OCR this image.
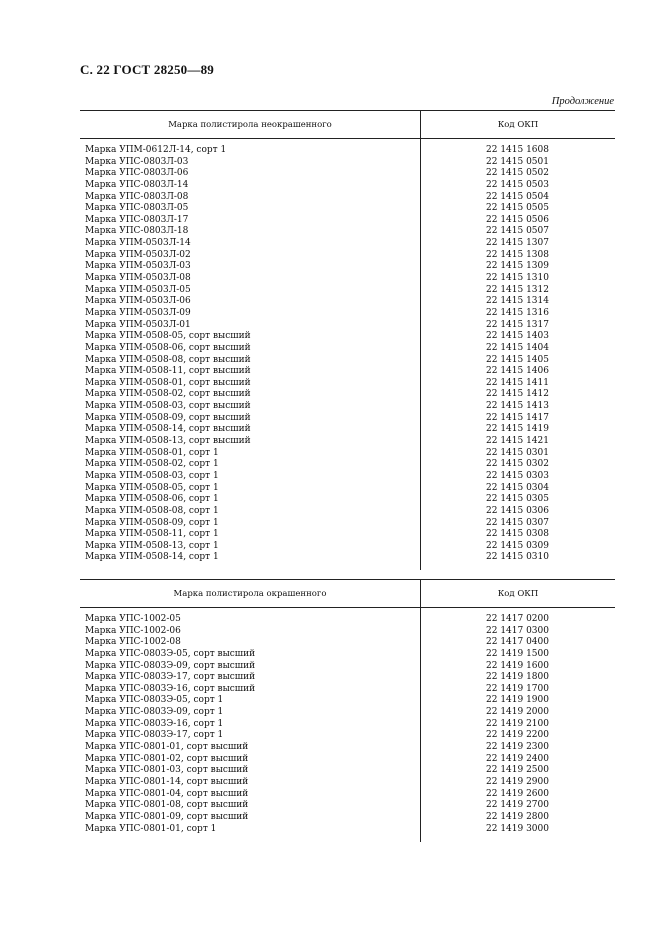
С. 22 ГОСТ 28250—89
Продолжение
Марка полистирола неокрашенного	Код ОКП
Марка УПМ-0612Л-14, сорт 1	22 1415 1608
Марка УПС-0803Л-03	22 1415 0501
Марка УПС-0803Л-06	22 1415 0502
Марка УПС-0803Л-14	22 1415 0503
Марка УПС-0803Л-08	22 1415 0504
Марка УПС-0803Л-05	22 1415 0505
Марка УПС-0803Л-17	22 1415 0506
Марка УПС-0803Л-18	22 1415 0507
Марка УПМ-0503Л-14	22 1415 1307
Марка УПМ-0503Л-02	22 1415 1308
Марка УПМ-0503Л-03	22 1415 1309
Марка УПМ-0503Л-08	22 1415 1310
Марка УПМ-0503Л-05	22 1415 1312
Марка УПМ-0503Л-06	22 1415 1314
Марка УПМ-0503Л-09	22 1415 1316
Марка УПМ-0503Л-01	22 1415 1317
Марка УПМ-0508-05, сорт высший	22 1415 1403
Марка УПМ-0508-06, сорт высший	22 1415 1404
Марка УПМ-0508-08, сорт высший	22 1415 1405
Марка УПМ-0508-11, сорт высший	22 1415 1406
Марка УПМ-0508-01, сорт высший	22 1415 1411
Марка УПМ-0508-02, сорт высший	22 1415 1412
Марка УПМ-0508-03, сорт высший	22 1415 1413
Марка УПМ-0508-09, сорт высший	22 1415 1417
Марка УПМ-0508-14, сорт высший	22 1415 1419
Марка УПМ-0508-13, сорт высший	22 1415 1421
Марка УПМ-0508-01, сорт 1	22 1415 0301
Марка УПМ-0508-02, сорт 1	22 1415 0302
Марка УПМ-0508-03, сорт 1	22 1415 0303
Марка УПМ-0508-05, сорт 1	22 1415 0304
Марка УПМ-0508-06, сорт 1	22 1415 0305
Марка УПМ-0508-08, сорт 1	22 1415 0306
Марка УПМ-0508-09, сорт 1	22 1415 0307
Марка УПМ-0508-11, сорт 1	22 1415 0308
Марка УПМ-0508-13, сорт 1	22 1415 0309
Марка УПМ-0508-14, сорт 1	22 1415 0310
Марка полистирола окрашенного	Код ОКП
Марка УПС-1002-05	22 1417 0200
Марка УПС-1002-06	22 1417 0300
Марка УПС-1002-08	22 1417 0400
Марка УПС-0803Э-05, сорт высший	22 1419 1500
Марка УПС-0803Э-09, сорт высший	22 1419 1600
Марка УПС-0803Э-17, сорт высший	22 1419 1800
Марка УПС-0803Э-16, сорт высший	22 1419 1700
Марка УПС-0803Э-05, сорт 1	22 1419 1900
Марка УПС-0803Э-09, сорт 1	22 1419 2000
Марка УПС-0803Э-16, сорт 1	22 1419 2100
Марка УПС-0803Э-17, сорт 1	22 1419 2200
Марка УПС-0801-01, сорт высший	22 1419 2300
Марка УПС-0801-02, сорт высший	22 1419 2400
Марка УПС-0801-03, сорт высший	22 1419 2500
Марка УПС-0801-14, сорт высший	22 1419 2900
Марка УПС-0801-04, сорт высший	22 1419 2600
Марка УПС-0801-08, сорт высший	22 1419 2700
Марка УПС-0801-09, сорт высший	22 1419 2800
Марка УПС-0801-01, сорт 1	22 1419 3000
